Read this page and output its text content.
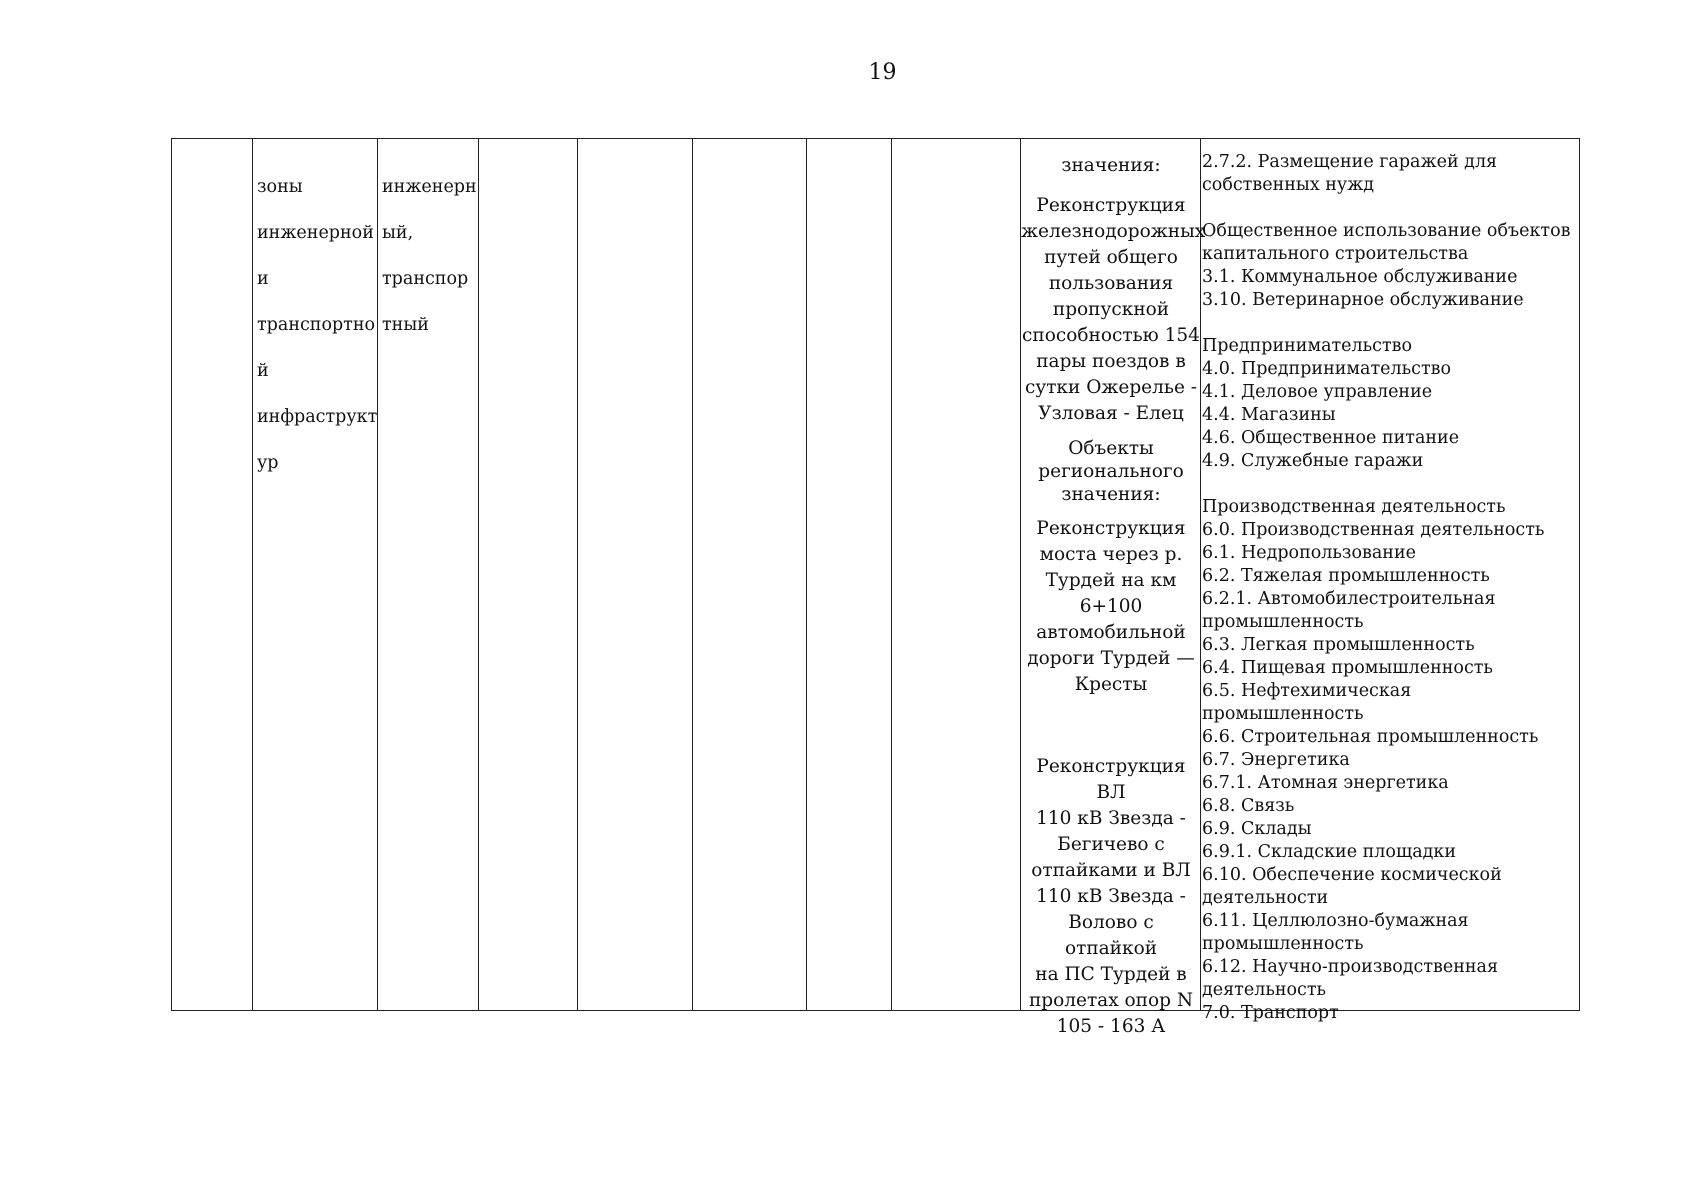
19

зоны

инженерной

и

транспортно

й

инфраструкт

ур

инженерн

ый,

транспор

тный

значения:
Реконструкция
железнодорожных
путей общего
пользования
пропускной
способностью 154
пары поездов в
сутки Ожерелье -
Узловая - Елец
Объекты
регионального
значения:
Реконструкция
моста через р.
Турдей на км 6+100
автомобильной
дороги Турдей —
Кресты
Реконструкция ВЛ
110 кВ Звезда -
Бегичево с
отпайками и ВЛ
110 кВ Звезда -
Волово с отпайкой
на ПС Турдей в
пролетах опор N
105 - 163 А
2.7.2. Размещение гаражей для
собственных нужд
Общественное использование объектов
капитального строительства
3.1. Коммунальное обслуживание
3.10. Ветеринарное обслуживание
Предпринимательство
4.0. Предпринимательство
4.1. Деловое управление
4.4. Магазины
4.6. Общественное питание
4.9. Служебные гаражи
Производственная деятельность
6.0. Производственная деятельность
6.1. Недропользование
6.2. Тяжелая промышленность
6.2.1. Автомобилестроительная
промышленность
6.3. Легкая промышленность
6.4. Пищевая промышленность
6.5. Нефтехимическая промышленность
6.6. Строительная промышленность
6.7. Энергетика
6.7.1. Атомная энергетика
6.8. Связь
6.9. Склады
6.9.1. Складские площадки
6.10. Обеспечение космической
деятельности
6.11. Целлюлозно-бумажная
промышленность
6.12. Научно-производственная
деятельность
7.0. Транспорт
